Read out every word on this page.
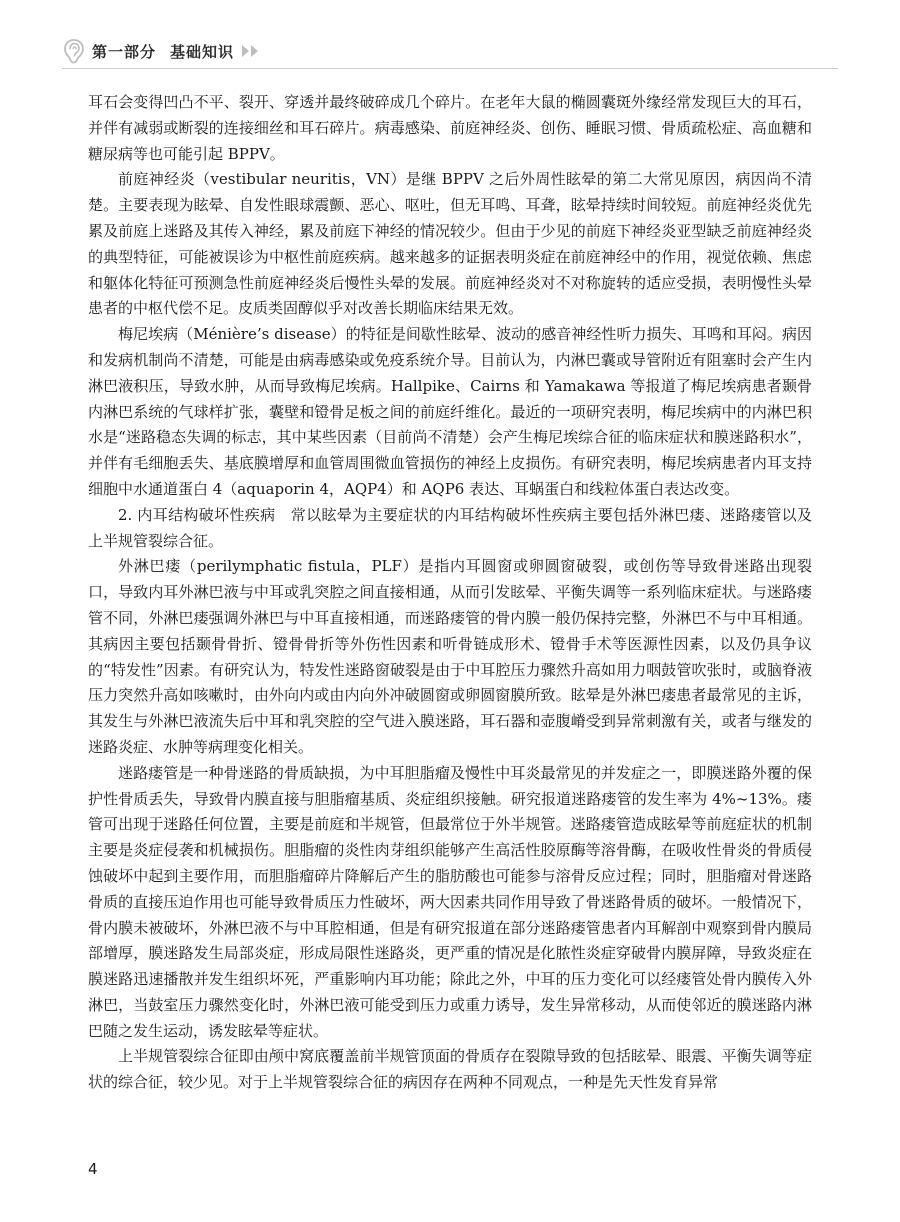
第一部分 基础知识

耳石会变得凹凸不平、裂开、穿透并最终破碎成几个碎片。在老年大鼠的椭圆囊斑外缘经常发现巨大的耳石，并伴有减弱或断裂的连接细丝和耳石碎片。病毒感染、前庭神经炎、创伤、睡眠习惯、骨质疏松症、高血糖和糖尿病等也可能引起 BPPV。

前庭神经炎（vestibular neuritis，VN）是继 BPPV 之后外周性眩晕的第二大常见原因，病因尚不清楚。主要表现为眩晕、自发性眼球震颤、恶心、呕吐，但无耳鸣、耳聋，眩晕持续时间较短。前庭神经炎优先累及前庭上迷路及其传入神经，累及前庭下神经的情况较少。但由于少见的前庭下神经炎亚型缺乏前庭神经炎的典型特征，可能被误诊为中枢性前庭疾病。越来越多的证据表明炎症在前庭神经中的作用，视觉依赖、焦虑和躯体化特征可预测急性前庭神经炎后慢性头晕的发展。前庭神经炎对不对称旋转的适应受损，表明慢性头晕患者的中枢代偿不足。皮质类固醇似乎对改善长期临床结果无效。

梅尼埃病（Ménière’s disease）的特征是间歇性眩晕、波动的感音神经性听力损失、耳鸣和耳闷。病因和发病机制尚不清楚，可能是由病毒感染或免疫系统介导。目前认为，内淋巴囊或导管附近有阻塞时会产生内淋巴液积压，导致水肿，从而导致梅尼埃病。Hallpike、Cairns 和 Yamakawa 等报道了梅尼埃病患者颞骨内淋巴系统的气球样扩张，囊壁和镫骨足板之间的前庭纤维化。最近的一项研究表明，梅尼埃病中的内淋巴积水是“迷路稳态失调的标志，其中某些因素（目前尚不清楚）会产生梅尼埃综合征的临床症状和膜迷路积水”，并伴有毛细胞丢失、基底膜增厚和血管周围微血管损伤的神经上皮损伤。有研究表明，梅尼埃病患者内耳支持细胞中水通道蛋白 4（aquaporin 4，AQP4）和 AQP6 表达、耳蜗蛋白和线粒体蛋白表达改变。

2. 内耳结构破坏性疾病　常以眩晕为主要症状的内耳结构破坏性疾病主要包括外淋巴瘘、迷路瘘管以及上半规管裂综合征。

外淋巴瘘（perilymphatic fistula，PLF）是指内耳圆窗或卵圆窗破裂，或创伤等导致骨迷路出现裂口，导致内耳外淋巴液与中耳或乳突腔之间直接相通，从而引发眩晕、平衡失调等一系列临床症状。与迷路瘘管不同，外淋巴瘘强调外淋巴与中耳直接相通，而迷路瘘管的骨内膜一般仍保持完整，外淋巴不与中耳相通。其病因主要包括颞骨骨折、镫骨骨折等外伤性因素和听骨链成形术、镫骨手术等医源性因素，以及仍具争议的“特发性”因素。有研究认为，特发性迷路窗破裂是由于中耳腔压力骤然升高如用力咽鼓管吹张时，或脑脊液压力突然升高如咳嗽时，由外向内或由内向外冲破圆窗或卵圆窗膜所致。眩晕是外淋巴瘘患者最常见的主诉，其发生与外淋巴液流失后中耳和乳突腔的空气进入膜迷路，耳石器和壶腹嵴受到异常刺激有关，或者与继发的迷路炎症、水肿等病理变化相关。

迷路瘘管是一种骨迷路的骨质缺损，为中耳胆脂瘤及慢性中耳炎最常见的并发症之一，即膜迷路外覆的保护性骨质丢失，导致骨内膜直接与胆脂瘤基质、炎症组织接触。研究报道迷路瘘管的发生率为 4%~13%。瘘管可出现于迷路任何位置，主要是前庭和半规管，但最常位于外半规管。迷路瘘管造成眩晕等前庭症状的机制主要是炎症侵袭和机械损伤。胆脂瘤的炎性肉芽组织能够产生高活性胶原酶等溶骨酶，在吸收性骨炎的骨质侵蚀破坏中起到主要作用，而胆脂瘤碎片降解后产生的脂肪酸也可能参与溶骨反应过程；同时，胆脂瘤对骨迷路骨质的直接压迫作用也可能导致骨质压力性破坏，两大因素共同作用导致了骨迷路骨质的破坏。一般情况下，骨内膜未被破坏，外淋巴液不与中耳腔相通，但是有研究报道在部分迷路瘘管患者内耳解剖中观察到骨内膜局部增厚，膜迷路发生局部炎症，形成局限性迷路炎，更严重的情况是化脓性炎症穿破骨内膜屏障，导致炎症在膜迷路迅速播散并发生组织坏死，严重影响内耳功能；除此之外，中耳的压力变化可以经瘘管处骨内膜传入外淋巴，当鼓室压力骤然变化时，外淋巴液可能受到压力或重力诱导，发生异常移动，从而使邻近的膜迷路内淋巴随之发生运动，诱发眩晕等症状。

上半规管裂综合征即由颅中窝底覆盖前半规管顶面的骨质存在裂隙导致的包括眩晕、眼震、平衡失调等症状的综合征，较少见。对于上半规管裂综合征的病因存在两种不同观点，一种是先天性发育异常

4
